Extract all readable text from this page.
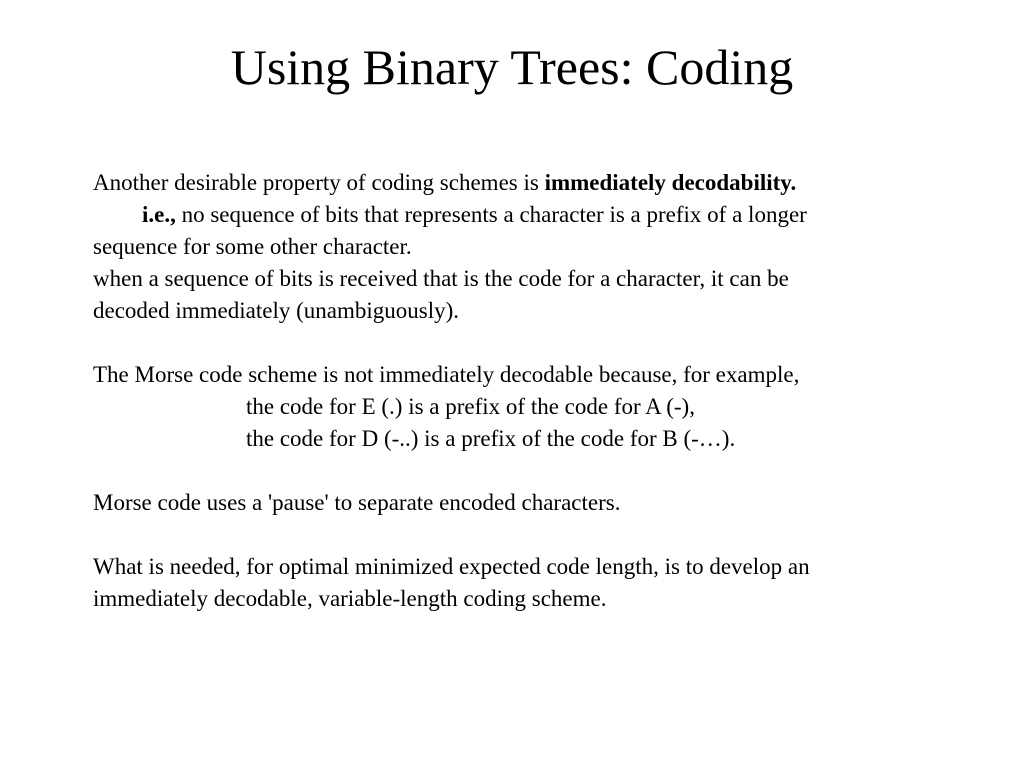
Using Binary Trees: Coding
Another desirable property of coding schemes is immediately decodability.
i.e., no sequence of bits that represents a character is a prefix of a longer
sequence for some other character.
when a sequence of bits is received that is the code for a character, it can be
decoded immediately (unambiguously).
The Morse code scheme is not immediately decodable because, for example,
the code for E (.) is a prefix of the code for A (-),
the code for D (-..) is a prefix of the code for B (-…).
Morse code uses a 'pause' to separate encoded characters.
What is needed, for optimal minimized expected code length, is to develop an
immediately decodable, variable-length coding scheme.
